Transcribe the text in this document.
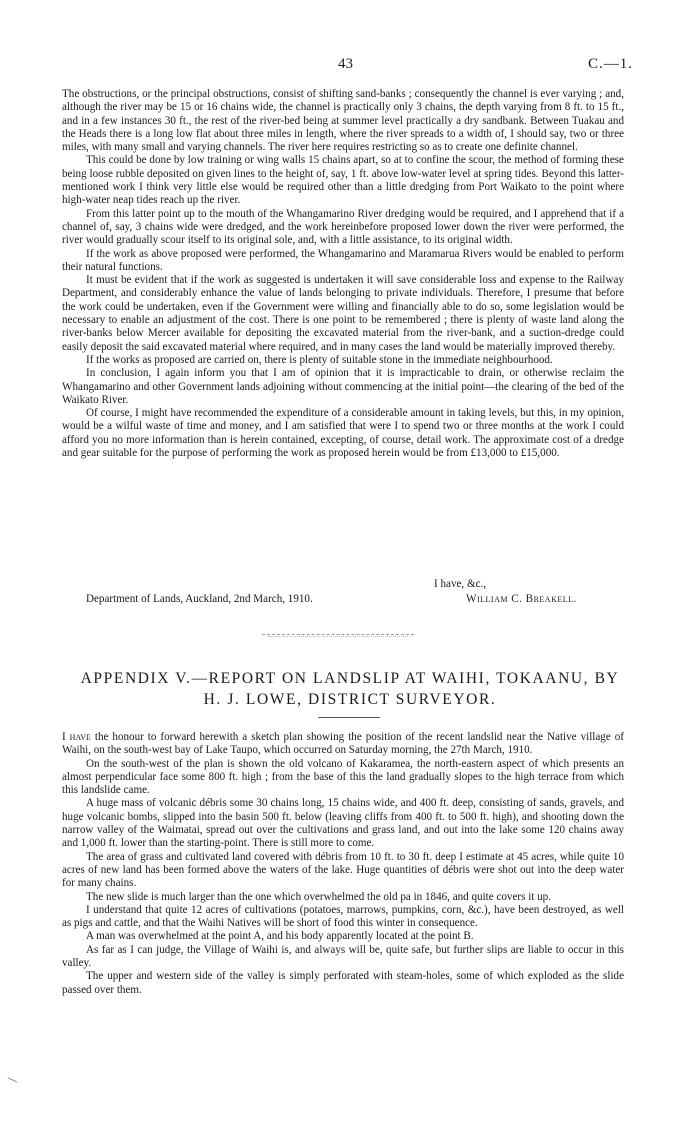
43	C.—1.

The obstructions, or the principal obstructions, consist of shifting sand-banks ; consequently the channel is ever varying ; and, although the river may be 15 or 16 chains wide, the channel is practically only 3 chains, the depth varying from 8 ft. to 15 ft., and in a few instances 30 ft., the rest of the river-bed being at summer level practically a dry sandbank. Between Tuakau and the Heads there is a long low flat about three miles in length, where the river spreads to a width of, I should say, two or three miles, with many small and varying channels. The river here requires restricting so as to create one definite channel.

This could be done by low training or wing walls 15 chains apart, so at to confine the scour, the method of forming these being loose rubble deposited on given lines to the height of, say, 1 ft. above low-water level at spring tides. Beyond this latter-mentioned work I think very little else would be required other than a little dredging from Port Waikato to the point where high-water neap tides reach up the river.

From this latter point up to the mouth of the Whangamarino River dredging would be required, and I apprehend that if a channel of, say, 3 chains wide were dredged, and the work hereinbefore proposed lower down the river were performed, the river would gradually scour itself to its original sole, and, with a little assistance, to its original width.

If the work as above proposed were performed, the Whangamarino and Maramarua Rivers would be enabled to perform their natural functions.

It must be evident that if the work as suggested is undertaken it will save considerable loss and expense to the Railway Department, and considerably enhance the value of lands belonging to private individuals. Therefore, I presume that before the work could be undertaken, even if the Government were willing and financially able to do so, some legislation would be necessary to enable an adjustment of the cost. There is one point to be remembered ; there is plenty of waste land along the river-banks below Mercer available for depositing the excavated material from the river-bank, and a suction-dredge could easily deposit the said excavated material where required, and in many cases the land would be materially improved thereby.

If the works as proposed are carried on, there is plenty of suitable stone in the immediate neighbourhood.

In conclusion, I again inform you that I am of opinion that it is impracticable to drain, or otherwise reclaim the Whangamarino and other Government lands adjoining without commencing at the initial point—the clearing of the bed of the Waikato River.

Of course, I might have recommended the expenditure of a considerable amount in taking levels, but this, in my opinion, would be a wilful waste of time and money, and I am satisfied that were I to spend two or three months at the work I could afford you no more information than is herein contained, excepting, of course, detail work. The approximate cost of a dredge and gear suitable for the purpose of performing the work as proposed herein would be from £13,000 to £15,000.

I have, &c.,
Department of Lands, Auckland, 2nd March, 1910.	William C. Breakell.
APPENDIX V.—REPORT ON LANDSLIP AT WAIHI, TOKAANU, BY
H. J. LOWE, DISTRICT SURVEYOR.

I have the honour to forward herewith a sketch plan showing the position of the recent landslid near the Native village of Waihi, on the south-west bay of Lake Taupo, which occurred on Saturday morning, the 27th March, 1910.

On the south-west of the plan is shown the old volcano of Kakaramea, the north-eastern aspect of which presents an almost perpendicular face some 800 ft. high ; from the base of this the land gradually slopes to the high terrace from which this landslide came.

A huge mass of volcanic débris some 30 chains long, 15 chains wide, and 400 ft. deep, consisting of sands, gravels, and huge volcanic bombs, slipped into the basin 500 ft. below (leaving cliffs from 400 ft. to 500 ft. high), and shooting down the narrow valley of the Waimatai, spread out over the cultivations and grass land, and out into the lake some 120 chains away and 1,000 ft. lower than the starting-point. There is still more to come.

The area of grass and cultivated land covered with débris from 10 ft. to 30 ft. deep I estimate at 45 acres, while quite 10 acres of new land has been formed above the waters of the lake. Huge quantities of débris were shot out into the deep water for many chains.

The new slide is much larger than the one which overwhelmed the old pa in 1846, and quite covers it up.

I understand that quite 12 acres of cultivations (potatoes, marrows, pumpkins, corn, &c.), have been destroyed, as well as pigs and cattle, and that the Waihi Natives will be short of food this winter in consequence.

A man was overwhelmed at the point A, and his body apparently located at the point B.

As far as I can judge, the Village of Waihi is, and always will be, quite safe, but further slips are liable to occur in this valley.

The upper and western side of the valley is simply perforated with steam-holes, some of which exploded as the slide passed over them.
